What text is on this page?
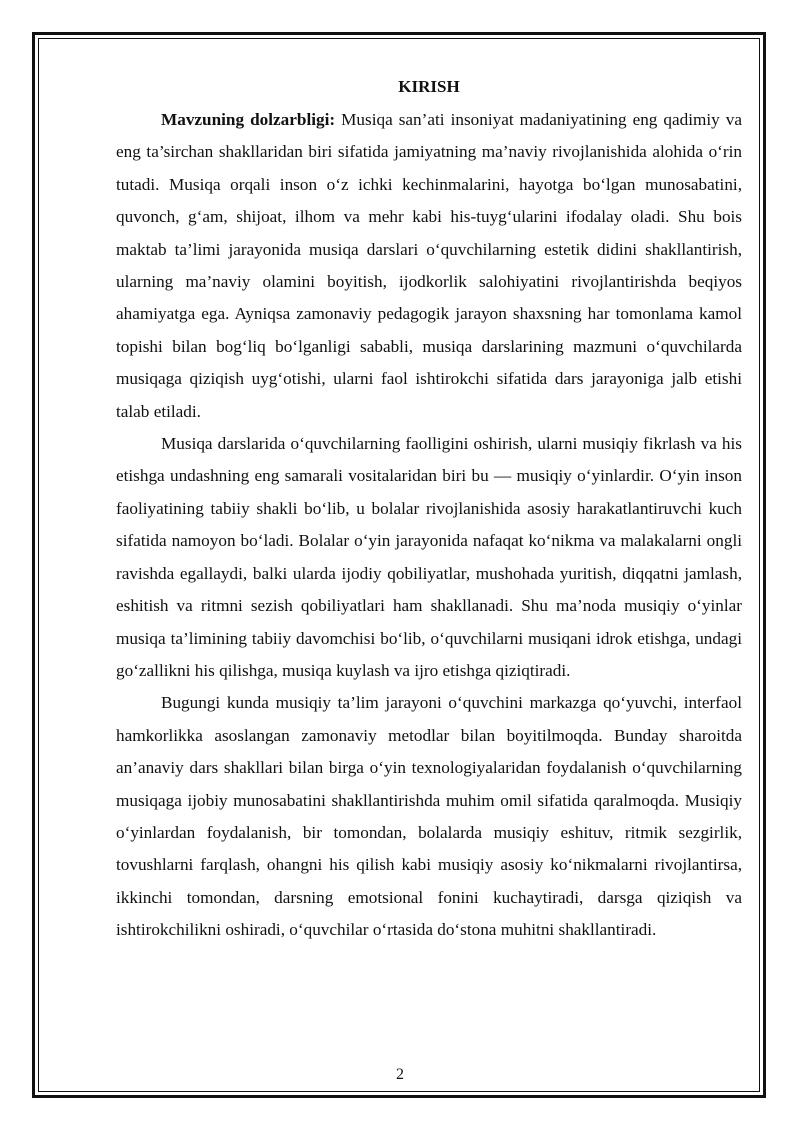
KIRISH

Mavzuning dolzarbligi: Musiqa san’ati insoniyat madaniyatining eng qadimiy va eng ta’sirchan shakllaridan biri sifatida jamiyatning ma’naviy rivojlanishida alohida o‘rin tutadi. Musiqa orqali inson o‘z ichki kechinmalarini, hayotga bo‘lgan munosabatini, quvonch, g‘am, shijoat, ilhom va mehr kabi his-tuyg‘ularini ifodalay oladi. Shu bois maktab ta’limi jarayonida musiqa darslari o‘quvchilarning estetik didini shakllantirish, ularning ma’naviy olamini boyitish, ijodkorlik salohiyatini rivojlantirishda beqiyos ahamiyatga ega. Ayniqsa zamonaviy pedagogik jarayon shaxsning har tomonlama kamol topishi bilan bog‘liq bo‘lganligi sababli, musiqa darslarining mazmuni o‘quvchilarda musiqaga qiziqish uyg‘otishi, ularni faol ishtirokchi sifatida dars jarayoniga jalb etishi talab etiladi.

Musiqa darslarida o‘quvchilarning faolligini oshirish, ularni musiqiy fikrlash va his etishga undashning eng samarali vositalaridan biri bu — musiqiy o‘yinlardir. O‘yin inson faoliyatining tabiiy shakli bo‘lib, u bolalar rivojlanishida asosiy harakatlantiruvchi kuch sifatida namoyon bo‘ladi. Bolalar o‘yin jarayonida nafaqat ko‘nikma va malakalarni ongli ravishda egallaydi, balki ularda ijodiy qobiliyatlar, mushohada yuritish, diqqatni jamlash, eshitish va ritmni sezish qobiliyatlari ham shakllanadi. Shu ma’noda musiqiy o‘yinlar musiqa ta’limining tabiiy davomchisi bo‘lib, o‘quvchilarni musiqani idrok etishga, undagi go‘zallikni his qilishga, musiqa kuylash va ijro etishga qiziqtiradi.

Bugungi kunda musiqiy ta’lim jarayoni o‘quvchini markazga qo‘yuvchi, interfaol hamkorlikka asoslangan zamonaviy metodlar bilan boyitilmoqda. Bunday sharoitda an’anaviy dars shakllari bilan birga o‘yin texnologiyalaridan foydalanish o‘quvchilarning musiqaga ijobiy munosabatini shakllantirishda muhim omil sifatida qaralmoqda. Musiqiy o‘yinlardan foydalanish, bir tomondan, bolalarda musiqiy eshituv, ritmik sezgirlik, tovushlarni farqlash, ohangni his qilish kabi musiqiy asosiy ko‘nikmalarni rivojlantirsa, ikkinchi tomondan, darsning emotsional fonini kuchaytiradi, darsga qiziqish va ishtirokchilikni oshiradi, o‘quvchilar o‘rtasida do‘stona muhitni shakllantiradi.

2
